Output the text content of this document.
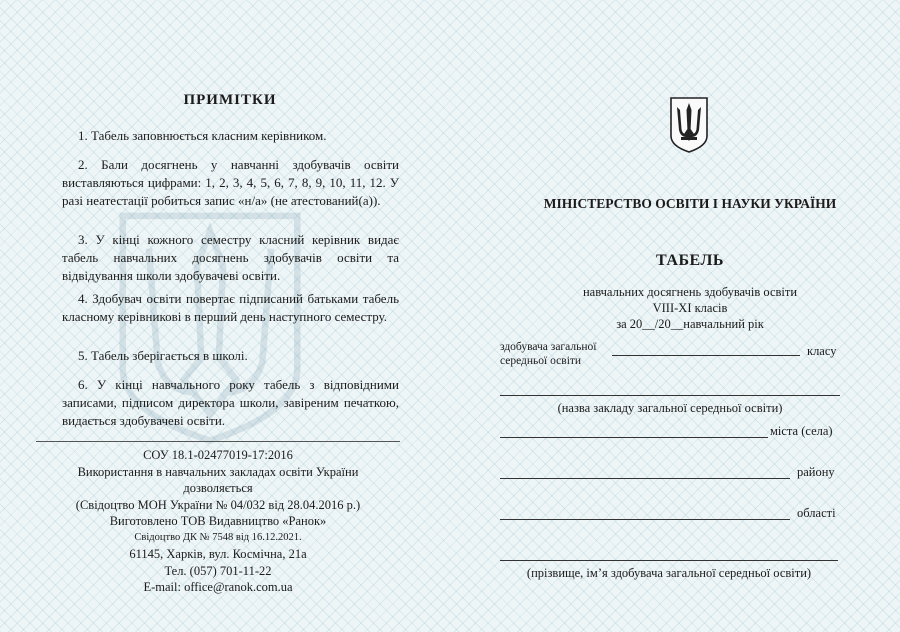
ПРИМІТКИ
1. Табель заповнюється класним керівником.
2. Бали досягнень у навчанні здобувачів освіти виставляються цифрами: 1, 2, 3, 4, 5, 6, 7, 8, 9, 10, 11, 12. У разі неатестації робиться запис «н/а» (не атестований(а)).
3. У кінці кожного семестру класний керівник видає табель навчальних досягнень здобувачів освіти та відвідування школи здобувачеві освіти.
4. Здобувач освіти повертає підписаний батьками табель класному керівникові в перший день наступного семестру.
5. Табель зберігається в школі.
6. У кінці навчального року табель з відповідними записами, підписом директора школи, завіреним печаткою, видається здобувачеві освіти.
СОУ 18.1-02477019-17:2016
Використання в навчальних закладах освіти України
дозволяється
(Свідоцтво МОН України № 04/032 від 28.04.2016 р.)
Виготовлено ТОВ Видавництво «Ранок»
Свідоцтво ДК № 7548 від 16.12.2021.
61145, Харків, вул. Космічна, 21а
Тел. (057) 701-11-22
E-mail: office@ranok.com.ua
МІНІСТЕРСТВО ОСВІТИ І НАУКИ УКРАЇНИ
ТАБЕЛЬ
навчальних досягнень здобувачів освіти
VIII-XI класів
за 20__/20__навчальний рік
здобувача загальної
середньої освіти
класу
(назва закладу загальної середньої освіти)
міста (села)
району
області
(прізвище, ім’я здобувача загальної середньої освіти)
